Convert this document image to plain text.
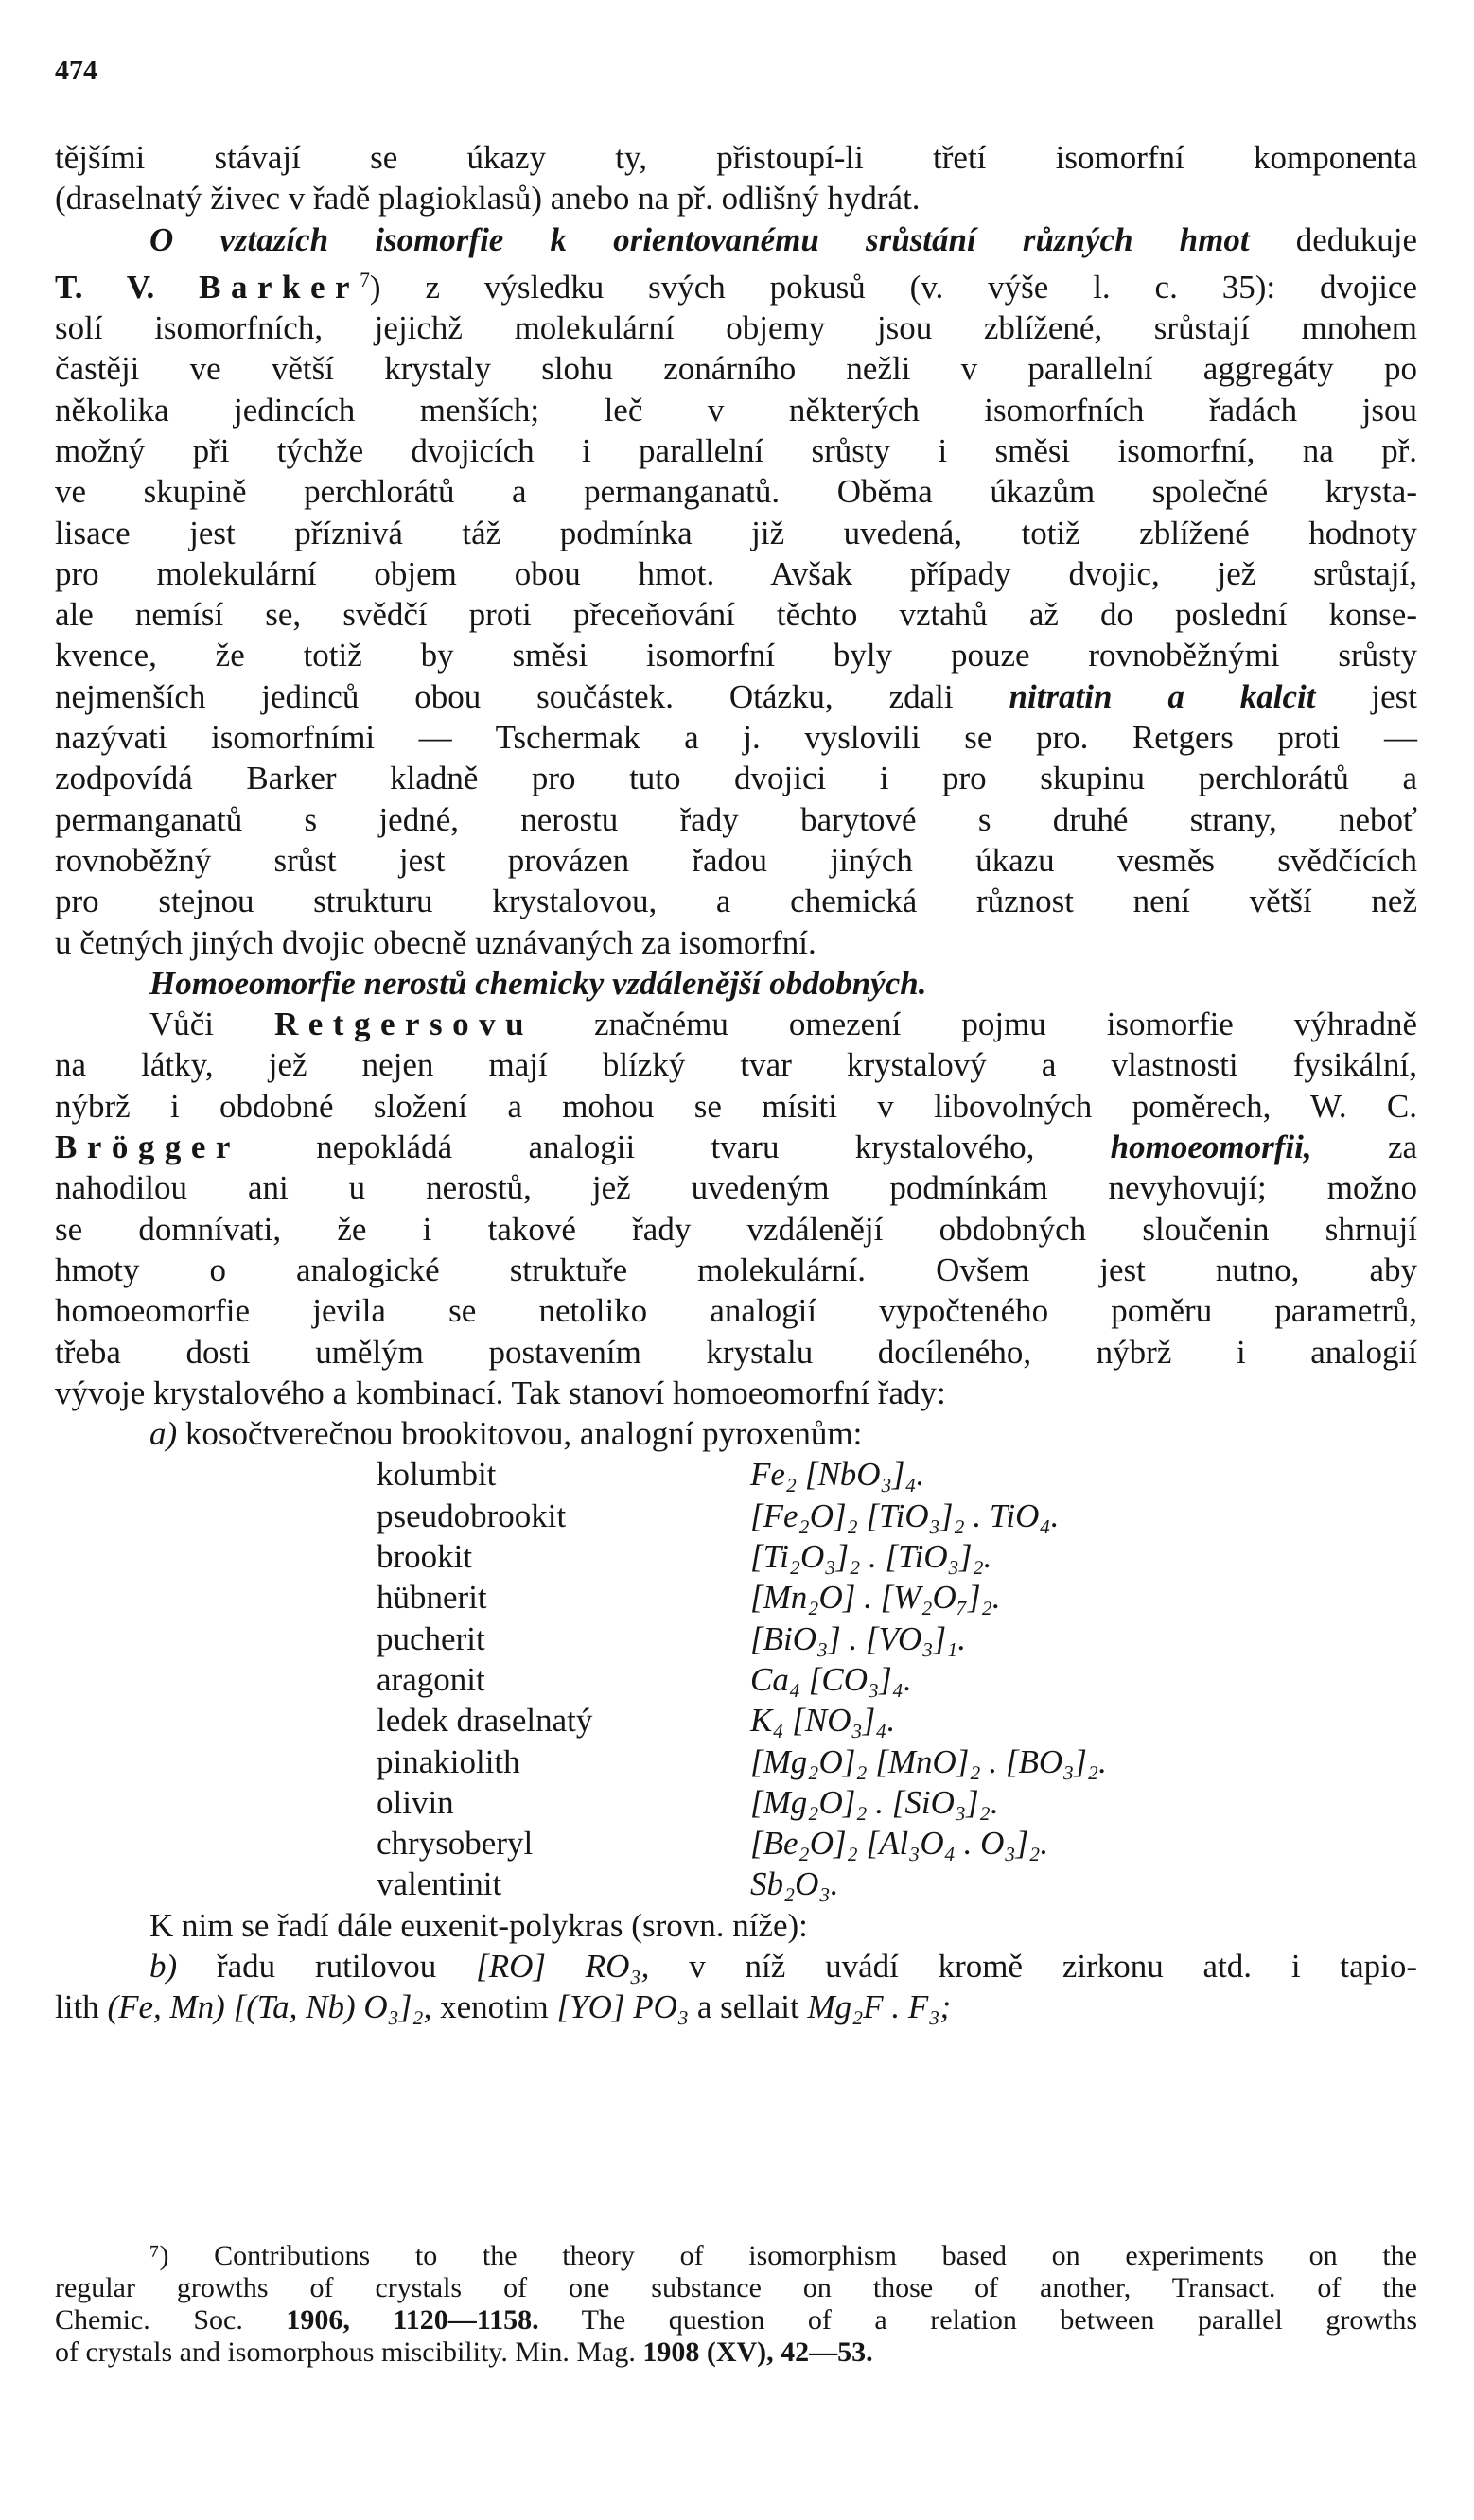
474
tějšími stávají se úkazy ty, přistoupí-li třetí isomorfní komponenta
(draselnatý živec v řadě plagioklasů) anebo na př. odlišný hydrát.
O vztazích isomorfie k orientovanému srůstání různých hmot dedukuje
T. V. Barker$^7$) z výsledku svých pokusů (v. výše l. c. 35): dvojice
solí isomorfních, jejichž molekulární objemy jsou zblížené, srůstají mnohem
častěji ve větší krystaly slohu zonárního nežli v parallelní aggregáty po
několika jedincích menších; leč v některých isomorfních řadách jsou
možný při týchže dvojicích i parallelní srůsty i směsi isomorfní, na př.
ve skupině perchlorátů a permanganatů. Oběma úkazům společné krysta-
lisace jest příznivá táž podmínka již uvedená, totiž zblížené hodnoty
pro molekulární objem obou hmot. Avšak případy dvojic, jež srůstají,
ale nemísí se, svědčí proti přeceňování těchto vztahů až do poslední konse-
kvence, že totiž by směsi isomorfní byly pouze rovnoběžnými srůsty
nejmenších jedinců obou součástek. Otázku, zdali nitratin a kalcit jest
nazývati isomorfními — Tschermak a j. vyslovili se pro. Retgers proti —
zodpovídá Barker kladně pro tuto dvojici i pro skupinu perchlorátů a
permanganatů s jedné, nerostu řady barytové s druhé strany, neboť
rovnoběžný srůst jest provázen řadou jiných úkazu vesměs svědčících
pro stejnou strukturu krystalovou, a chemická různost není větší než
u četných jiných dvojic obecně uznávaných za isomorfní.
Homoeomorfie nerostů chemicky vzdálenější obdobných.
Vůči Retgersovu značnému omezení pojmu isomorfie výhradně
na látky, jež nejen mají blízký tvar krystalový a vlastnosti fysikální,
nýbrž i obdobné složení a mohou se mísiti v libovolných poměrech, W. C.
Brögger nepokládá analogii tvaru krystalového, homoeomorfii, za
nahodilou ani u nerostů, jež uvedeným podmínkám nevyhovují; možno
se domnívati, že i takové řady vzdálenějí obdobných sloučenin shrnují
hmoty o analogické struktuře molekulární. Ovšem jest nutno, aby
homoeomorfie jevila se netoliko analogií vypočteného poměru parametrů,
třeba dosti umělým postavením krystalu docíleného, nýbrž i analogií
vývoje krystalového a kombinací. Tak stanoví homoeomorfní řady:
a) kosočtverečnou brookitovou, analogní pyroxenům:
kolumbit	Fe₂ [NbO₃]₄.
pseudobrookit	[Fe₂O]₂ [TiO₃]₂ . TiO₄.
brookit	[Ti₂O₃]₂ . [TiO₃]₂.
hübnerit	[Mn₂O] . [W₂O₇]₂.
pucherit	[BiO₃] . [VO₃]₁.
aragonit	Ca₄ [CO₃]₄.
ledek draselnatý	K₄ [NO₃]₄.
pinakiolith	[Mg₂O]₂ [MnO]₂ . [BO₃]₂.
olivin	[Mg₂O]₂ . [SiO₃]₂.
chrysoberyl	[Be₂O]₂ [Al₃O₄ . O₃]₂.
valentinit	Sb₂O₃.
K nim se řadí dále euxenit-polykras (srovn. níže):
b) řadu rutilovou [RO] RO₃, v níž uvádí kromě zirkonu atd. i tapio-
lith (Fe, Mn) [(Ta, Nb) O₃]₂, xenotim [YO] PO₃ a sellait Mg₂F . F₃;
⁷) Contributions to the theory of isomorphism based on experiments on the
regular growths of crystals of one substance on those of another, Transact. of the
Chemic. Soc. 1906, 1120—1158. The question of a relation between parallel growths
of crystals and isomorphous miscibility. Min. Mag. 1908 (XV), 42—53.
